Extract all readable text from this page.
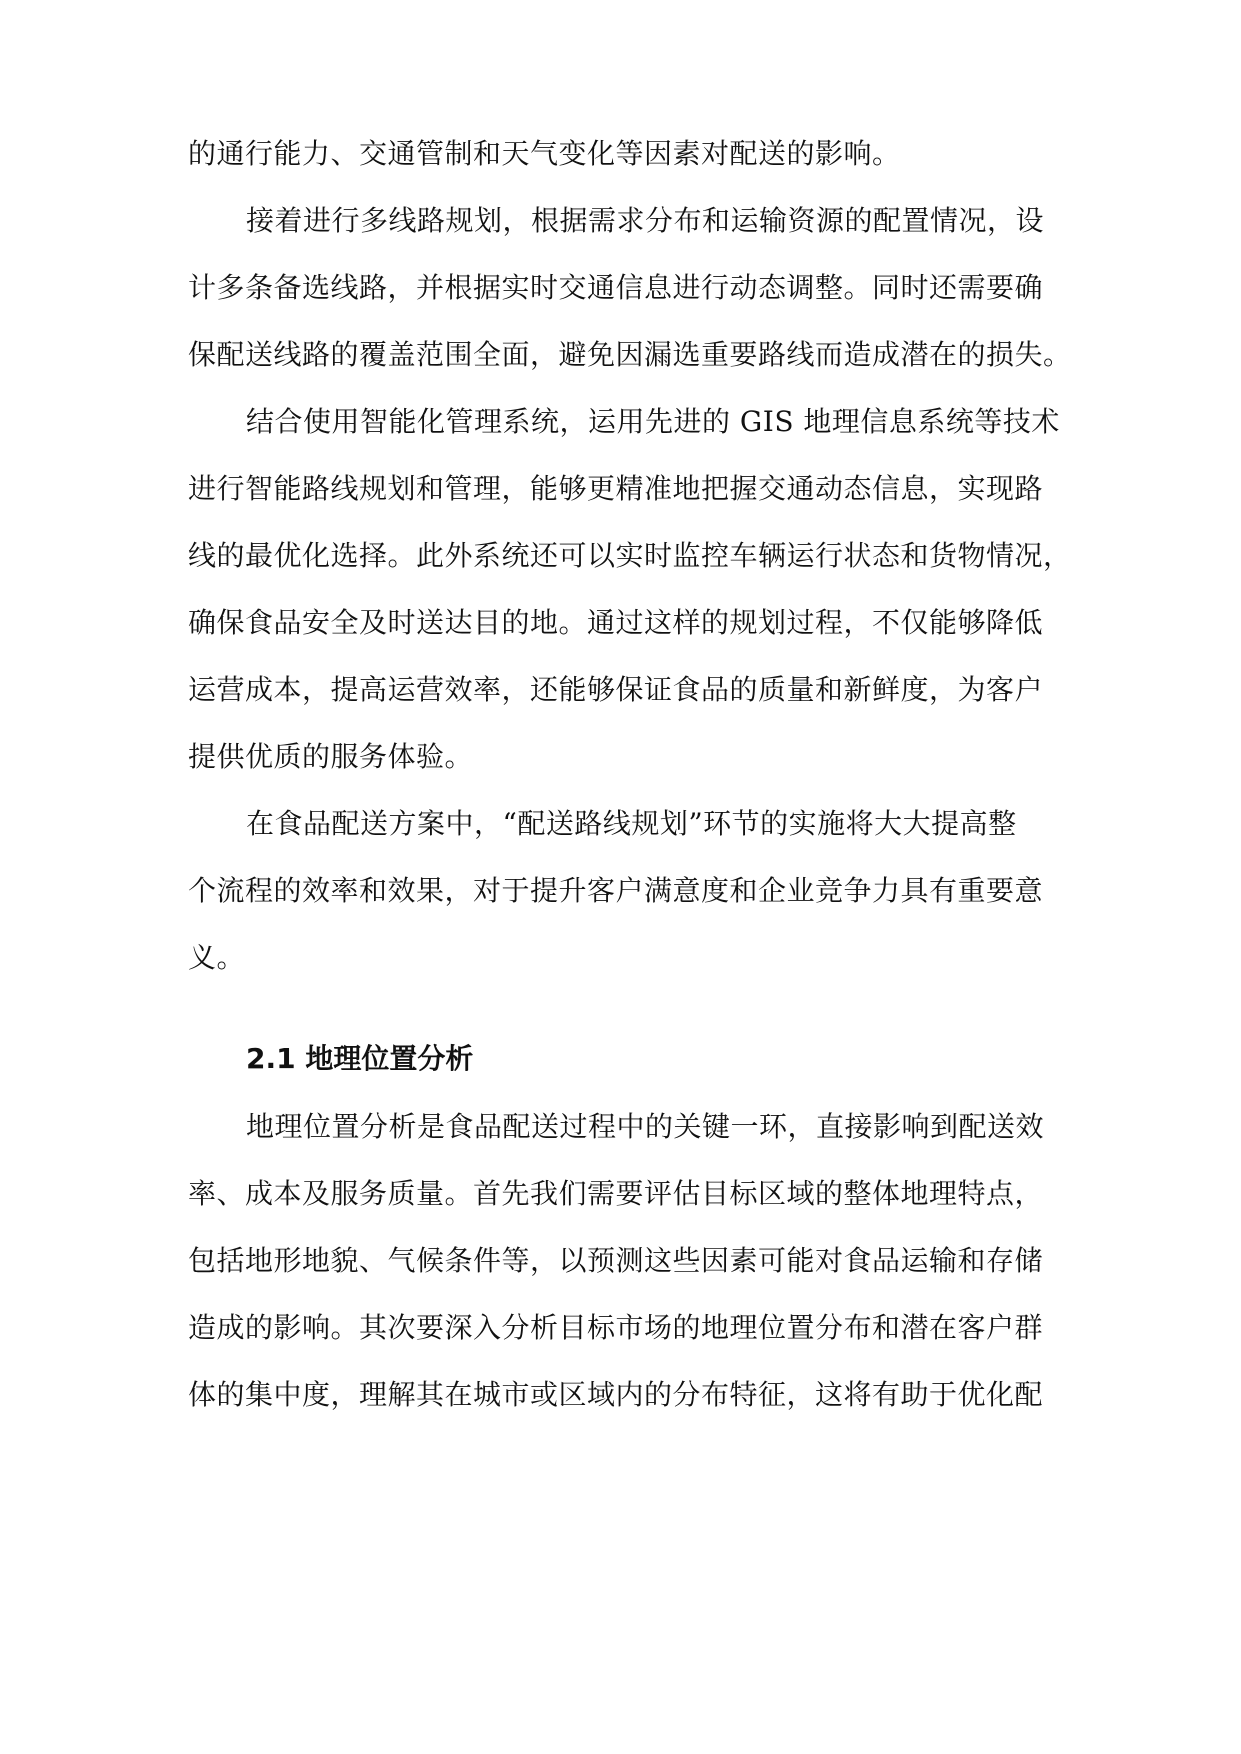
的通行能力、交通管制和天气变化等因素对配送的影响。
接着进行多线路规划，根据需求分布和运输资源的配置情况，设
计多条备选线路，并根据实时交通信息进行动态调整。同时还需要确
保配送线路的覆盖范围全面，避免因漏选重要路线而造成潜在的损失。
结合使用智能化管理系统，运用先进的 GIS 地理信息系统等技术
进行智能路线规划和管理，能够更精准地把握交通动态信息，实现路
线的最优化选择。此外系统还可以实时监控车辆运行状态和货物情况，
确保食品安全及时送达目的地。通过这样的规划过程，不仅能够降低
运营成本，提高运营效率，还能够保证食品的质量和新鲜度，为客户
提供优质的服务体验。
在食品配送方案中，“配送路线规划”环节的实施将大大提高整
个流程的效率和效果，对于提升客户满意度和企业竞争力具有重要意
义。
2.1 地理位置分析
地理位置分析是食品配送过程中的关键一环，直接影响到配送效
率、成本及服务质量。首先我们需要评估目标区域的整体地理特点，
包括地形地貌、气候条件等，以预测这些因素可能对食品运输和存储
造成的影响。其次要深入分析目标市场的地理位置分布和潜在客户群
体的集中度，理解其在城市或区域内的分布特征，这将有助于优化配
